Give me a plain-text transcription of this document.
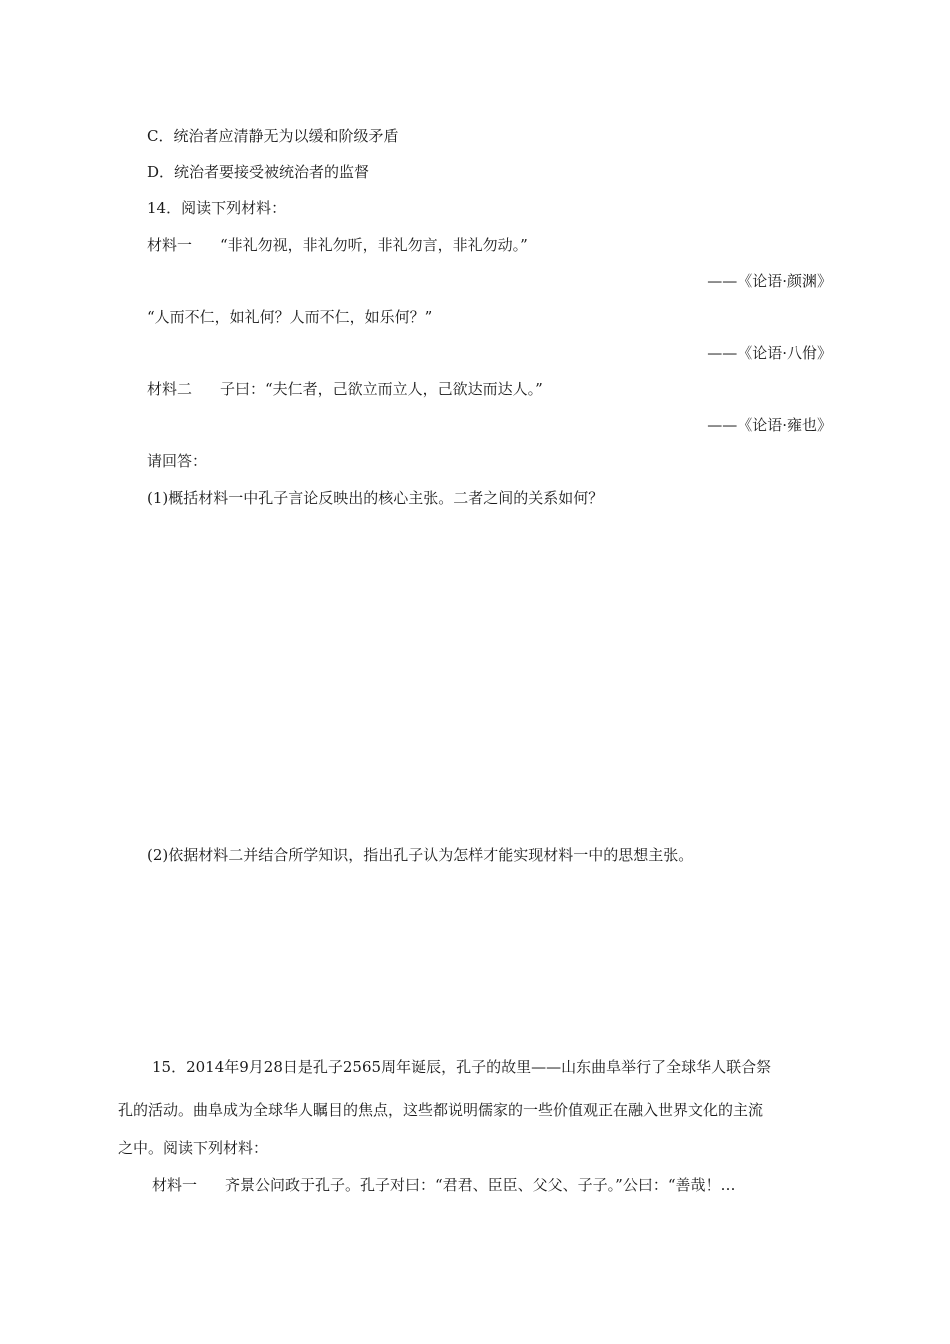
C．统治者应清静无为以缓和阶级矛盾
D．统治者要接受被统治者的监督
14．阅读下列材料：
材料一 “非礼勿视，非礼勿听，非礼勿言，非礼勿动。”
——《论语·颜渊》
“人而不仁，如礼何？人而不仁，如乐何？”
——《论语·八佾》
材料二 子曰：“夫仁者，己欲立而立人，己欲达而达人。”
——《论语·雍也》
请回答：
(1)概括材料一中孔子言论反映出的核心主张。二者之间的关系如何？
(2)依据材料二并结合所学知识，指出孔子认为怎样才能实现材料一中的思想主张。
15．2014年9月28日是孔子2565周年诞辰，孔子的故里——山东曲阜举行了全球华人联合祭
孔的活动。曲阜成为全球华人瞩目的焦点，这些都说明儒家的一些价值观正在融入世界文化的主流
之中。阅读下列材料：
材料一 齐景公问政于孔子。孔子对曰：“君君、臣臣、父父、子子。”公曰：“善哉！…
